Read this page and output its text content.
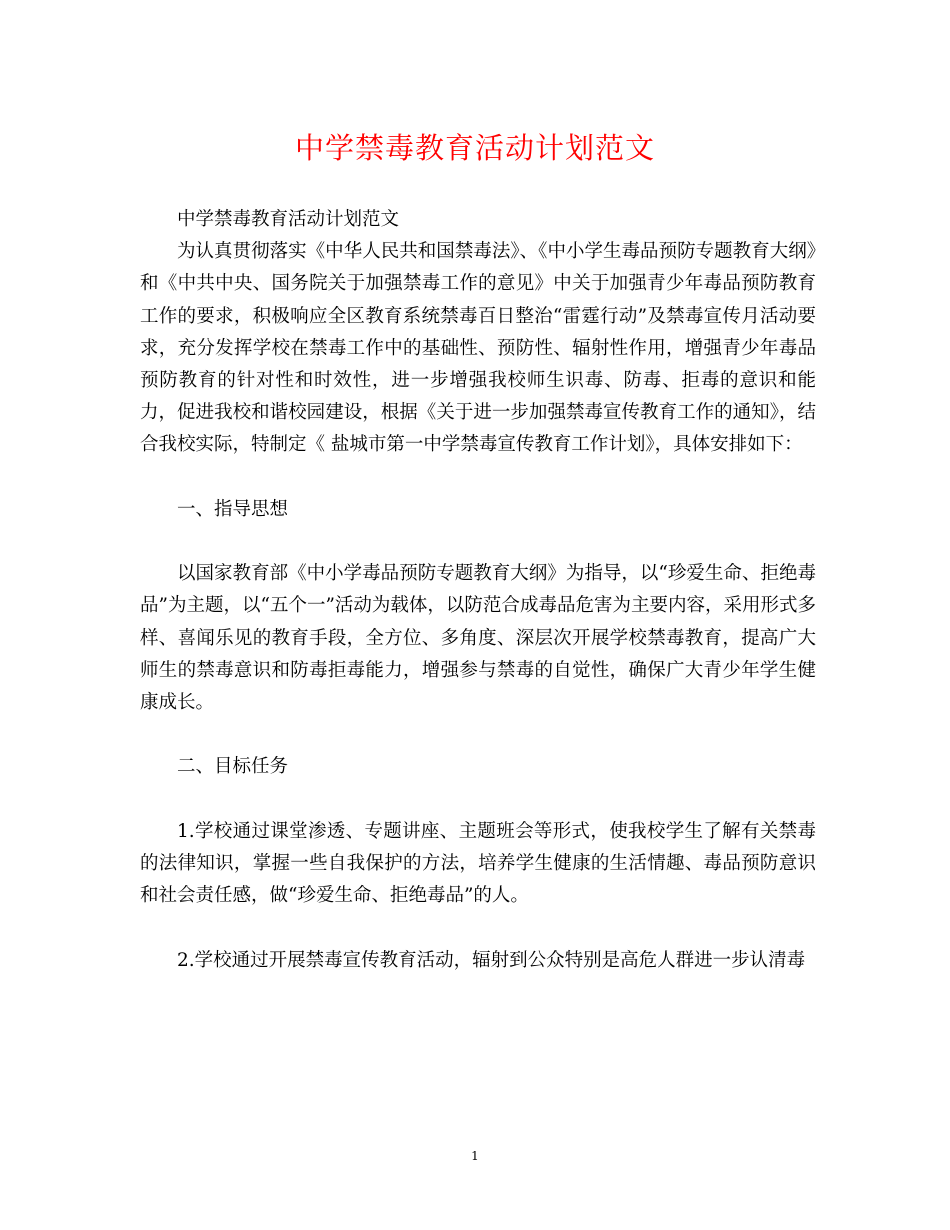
中学禁毒教育活动计划范文

中学禁毒教育活动计划范文

为认真贯彻落实《中华人民共和国禁毒法》、《中小学生毒品预防专题教育大纲》和《中共中央、国务院关于加强禁毒工作的意见》中关于加强青少年毒品预防教育工作的要求，积极响应全区教育系统禁毒百日整治“雷霆行动”及禁毒宣传月活动要求，充分发挥学校在禁毒工作中的基础性、预防性、辐射性作用，增强青少年毒品预防教育的针对性和时效性，进一步增强我校师生识毒、防毒、拒毒的意识和能力，促进我校和谐校园建设，根据《关于进一步加强禁毒宣传教育工作的通知》，结合我校实际，特制定《 盐城市第一中学禁毒宣传教育工作计划》，具体安排如下：

一、指导思想

以国家教育部《中小学毒品预防专题教育大纲》为指导，以“珍爱生命、拒绝毒品”为主题，以“五个一”活动为载体，以防范合成毒品危害为主要内容，采用形式多样、喜闻乐见的教育手段，全方位、多角度、深层次开展学校禁毒教育，提高广大师生的禁毒意识和防毒拒毒能力，增强参与禁毒的自觉性，确保广大青少年学生健康成长。

二、目标任务

1.学校通过课堂渗透、专题讲座、主题班会等形式，使我校学生了解有关禁毒的法律知识，掌握一些自我保护的方法，培养学生健康的生活情趣、毒品预防意识和社会责任感，做“珍爱生命、拒绝毒品”的人。

2.学校通过开展禁毒宣传教育活动，辐射到公众特别是高危人群进一步认清毒

1
